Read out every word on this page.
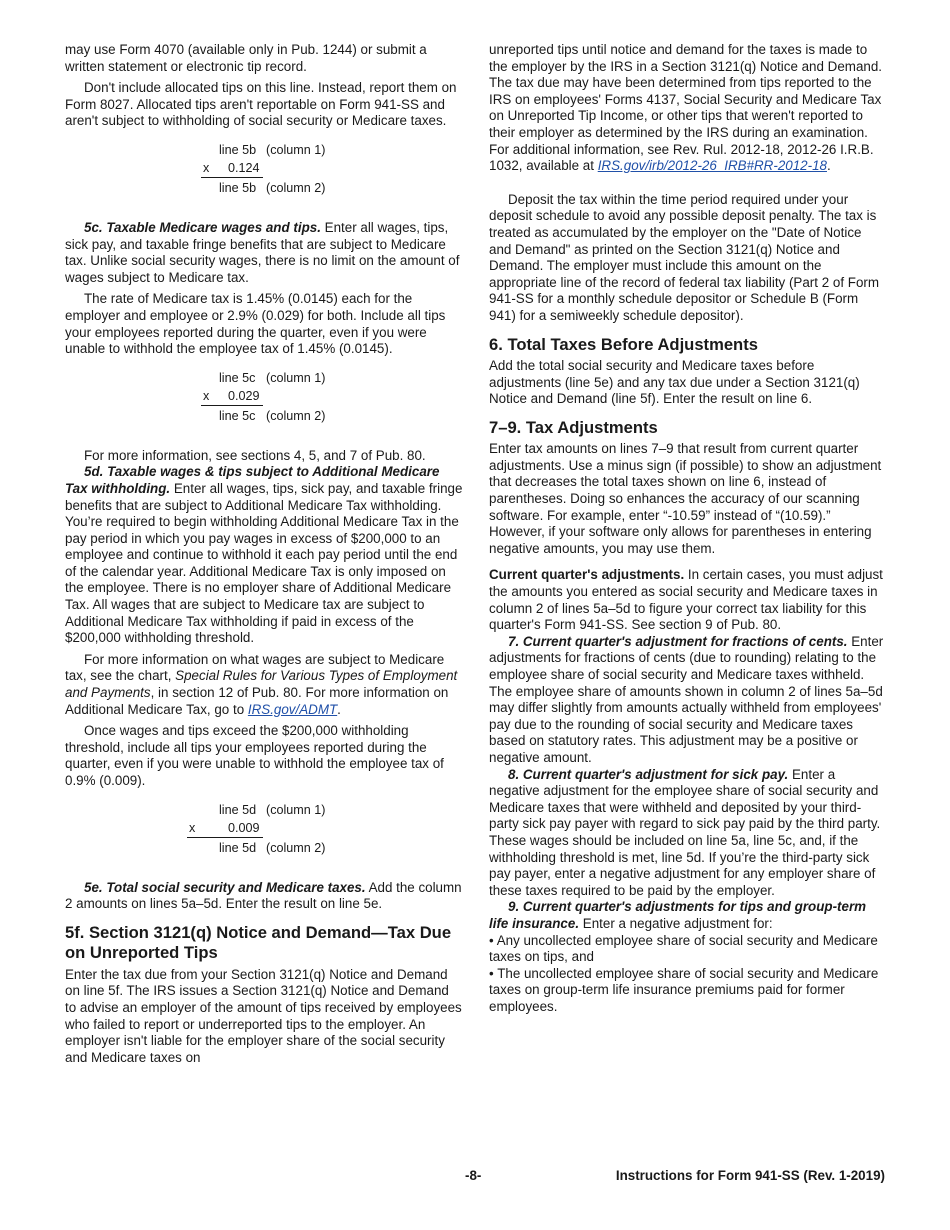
may use Form 4070 (available only in Pub. 1244) or submit a written statement or electronic tip record.

Don't include allocated tips on this line. Instead, report them on Form 8027. Allocated tips aren't reportable on Form 941-SS and aren't subject to withholding of social security or Medicare taxes.

line 5b (column 1)
x 0.124
line 5b (column 2)

5c. Taxable Medicare wages and tips. Enter all wages, tips, sick pay, and taxable fringe benefits that are subject to Medicare tax. Unlike social security wages, there is no limit on the amount of wages subject to Medicare tax.

The rate of Medicare tax is 1.45% (0.0145) each for the employer and employee or 2.9% (0.029) for both. Include all tips your employees reported during the quarter, even if you were unable to withhold the employee tax of 1.45% (0.0145).

line 5c (column 1)
x 0.029
line 5c (column 2)

For more information, see sections 4, 5, and 7 of Pub. 80.

5d. Taxable wages & tips subject to Additional Medicare Tax withholding. Enter all wages, tips, sick pay, and taxable fringe benefits that are subject to Additional Medicare Tax withholding. You’re required to begin withholding Additional Medicare Tax in the pay period in which you pay wages in excess of $200,000 to an employee and continue to withhold it each pay period until the end of the calendar year. Additional Medicare Tax is only imposed on the employee. There is no employer share of Additional Medicare Tax. All wages that are subject to Medicare tax are subject to Additional Medicare Tax withholding if paid in excess of the $200,000 withholding threshold.

For more information on what wages are subject to Medicare tax, see the chart, Special Rules for Various Types of Employment and Payments, in section 12 of Pub. 80. For more information on Additional Medicare Tax, go to IRS.gov/ADMT.

Once wages and tips exceed the $200,000 withholding threshold, include all tips your employees reported during the quarter, even if you were unable to withhold the employee tax of 0.9% (0.009).

line 5d (column 1)
x	0.009
line 5d (column 2)

5e. Total social security and Medicare taxes. Add the column 2 amounts on lines 5a–5d. Enter the result on line 5e.

5f. Section 3121(q) Notice and Demand—Tax Due on Unreported Tips

Enter the tax due from your Section 3121(q) Notice and Demand on line 5f. The IRS issues a Section 3121(q) Notice and Demand to advise an employer of the amount of tips received by employees who failed to report or underreported tips to the employer. An employer isn't liable for the employer share of the social security and Medicare taxes on

unreported tips until notice and demand for the taxes is made to the employer by the IRS in a Section 3121(q) Notice and Demand. The tax due may have been determined from tips reported to the IRS on employees' Forms 4137, Social Security and Medicare Tax on Unreported Tip Income, or other tips that weren't reported to their employer as determined by the IRS during an examination. For additional information, see Rev. Rul. 2012-18, 2012-26 I.R.B. 1032, available at IRS.gov/irb/2012-26_IRB#RR-2012-18.

Deposit the tax within the time period required under your deposit schedule to avoid any possible deposit penalty. The tax is treated as accumulated by the employer on the "Date of Notice and Demand" as printed on the Section 3121(q) Notice and Demand. The employer must include this amount on the appropriate line of the record of federal tax liability (Part 2 of Form 941-SS for a monthly schedule depositor or Schedule B (Form 941) for a semiweekly schedule depositor).

6. Total Taxes Before Adjustments

Add the total social security and Medicare taxes before adjustments (line 5e) and any tax due under a Section 3121(q) Notice and Demand (line 5f). Enter the result on line 6.

7–9. Tax Adjustments

Enter tax amounts on lines 7–9 that result from current quarter adjustments. Use a minus sign (if possible) to show an adjustment that decreases the total taxes shown on line 6, instead of parentheses. Doing so enhances the accuracy of our scanning software. For example, enter “-10.59” instead of “(10.59).” However, if your software only allows for parentheses in entering negative amounts, you may use them.

Current quarter's adjustments. In certain cases, you must adjust the amounts you entered as social security and Medicare taxes in column 2 of lines 5a–5d to figure your correct tax liability for this quarter's Form 941-SS. See section 9 of Pub. 80.

7. Current quarter's adjustment for fractions of cents. Enter adjustments for fractions of cents (due to rounding) relating to the employee share of social security and Medicare taxes withheld. The employee share of amounts shown in column 2 of lines 5a–5d may differ slightly from amounts actually withheld from employees' pay due to the rounding of social security and Medicare taxes based on statutory rates. This adjustment may be a positive or negative amount.

8. Current quarter's adjustment for sick pay. Enter a negative adjustment for the employee share of social security and Medicare taxes that were withheld and deposited by your third-party sick pay payer with regard to sick pay paid by the third party. These wages should be included on line 5a, line 5c, and, if the withholding threshold is met, line 5d. If you’re the third-party sick pay payer, enter a negative adjustment for any employer share of these taxes required to be paid by the employer.

9. Current quarter's adjustments for tips and group-term life insurance. Enter a negative adjustment for:

• Any uncollected employee share of social security and Medicare taxes on tips, and

• The uncollected employee share of social security and Medicare taxes on group-term life insurance premiums paid for former employees.

-8-	Instructions for Form 941-SS (Rev. 1-2019)
